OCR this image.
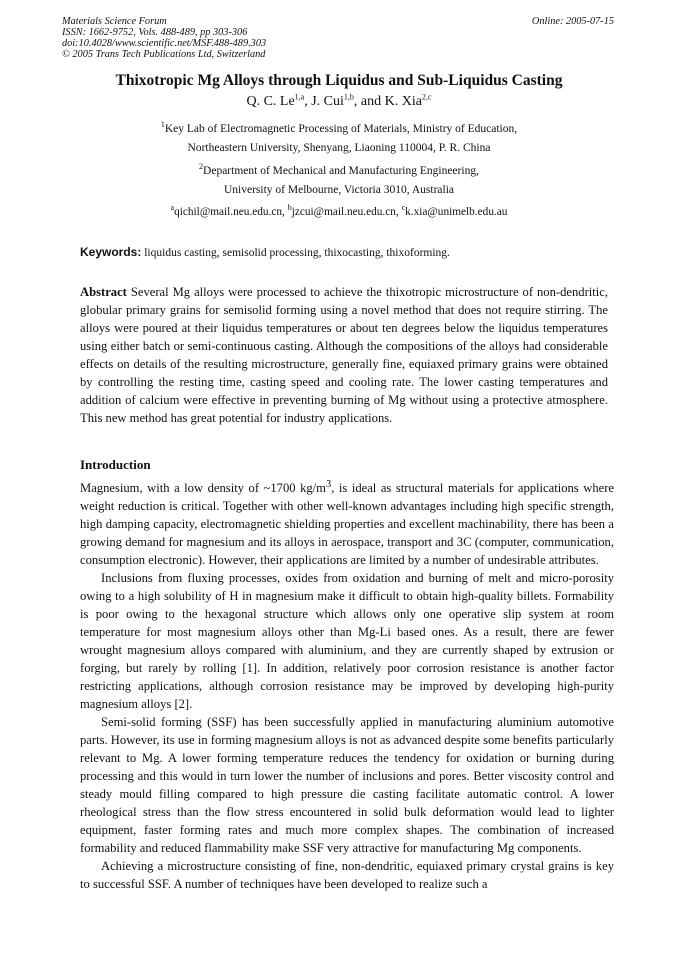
Materials Science Forum
ISSN: 1662-9752, Vols. 488-489, pp 303-306
doi:10.4028/www.scientific.net/MSF.488-489.303
© 2005 Trans Tech Publications Ltd, Switzerland
Online: 2005-07-15
Thixotropic Mg Alloys through Liquidus and Sub-Liquidus Casting
Q. C. Le$^{1,a}$, J. Cui$^{1,b}$, and K. Xia$^{2,c}$
$^1$Key Lab of Electromagnetic Processing of Materials, Ministry of Education,
Northeastern University, Shenyang, Liaoning 110004, P. R. China
$^2$Department of Mechanical and Manufacturing Engineering,
University of Melbourne, Victoria 3010, Australia
$^a$qichil@mail.neu.edu.cn, $^b$jzcui@mail.neu.edu.cn, $^c$k.xia@unimelb.edu.au
Keywords: liquidus casting, semisolid processing, thixocasting, thixoforming.
Abstract Several Mg alloys were processed to achieve the thixotropic microstructure of non-dendritic, globular primary grains for semisolid forming using a novel method that does not require stirring. The alloys were poured at their liquidus temperatures or about ten degrees below the liquidus temperatures using either batch or semi-continuous casting. Although the compositions of the alloys had considerable effects on details of the resulting microstructure, generally fine, equiaxed primary grains were obtained by controlling the resting time, casting speed and cooling rate. The lower casting temperatures and addition of calcium were effective in preventing burning of Mg without using a protective atmosphere. This new method has great potential for industry applications.
Introduction

Magnesium, with a low density of ~1700 $kg/m^3$, is ideal as structural materials for applications where weight reduction is critical. Together with other well-known advantages including high specific strength, high damping capacity, electromagnetic shielding properties and excellent machinability, there has been a growing demand for magnesium and its alloys in aerospace, transport and 3C (computer, communication, consumption electronic). However, their applications are limited by a number of undesirable attributes.

Inclusions from fluxing processes, oxides from oxidation and burning of melt and micro-porosity owing to a high solubility of H in magnesium make it difficult to obtain high-quality billets. Formability is poor owing to the hexagonal structure which allows only one operative slip system at room temperature for most magnesium alloys other than Mg-Li based ones. As a result, there are fewer wrought magnesium alloys compared with aluminium, and they are currently shaped by extrusion or forging, but rarely by rolling [1]. In addition, relatively poor corrosion resistance is another factor restricting applications, although corrosion resistance may be improved by developing high-purity magnesium alloys [2].

Semi-solid forming (SSF) has been successfully applied in manufacturing aluminium automotive parts. However, its use in forming magnesium alloys is not as advanced despite some benefits particularly relevant to Mg. A lower forming temperature reduces the tendency for oxidation or burning during processing and this would in turn lower the number of inclusions and pores. Better viscosity control and steady mould filling compared to high pressure die casting facilitate automatic control. A lower rheological stress than the flow stress encountered in solid bulk deformation would lead to lighter equipment, faster forming rates and much more complex shapes. The combination of increased formability and reduced flammability make SSF very attractive for manufacturing Mg components.

Achieving a microstructure consisting of fine, non-dendritic, equiaxed primary crystal grains is key to successful SSF. A number of techniques have been developed to realize such a
